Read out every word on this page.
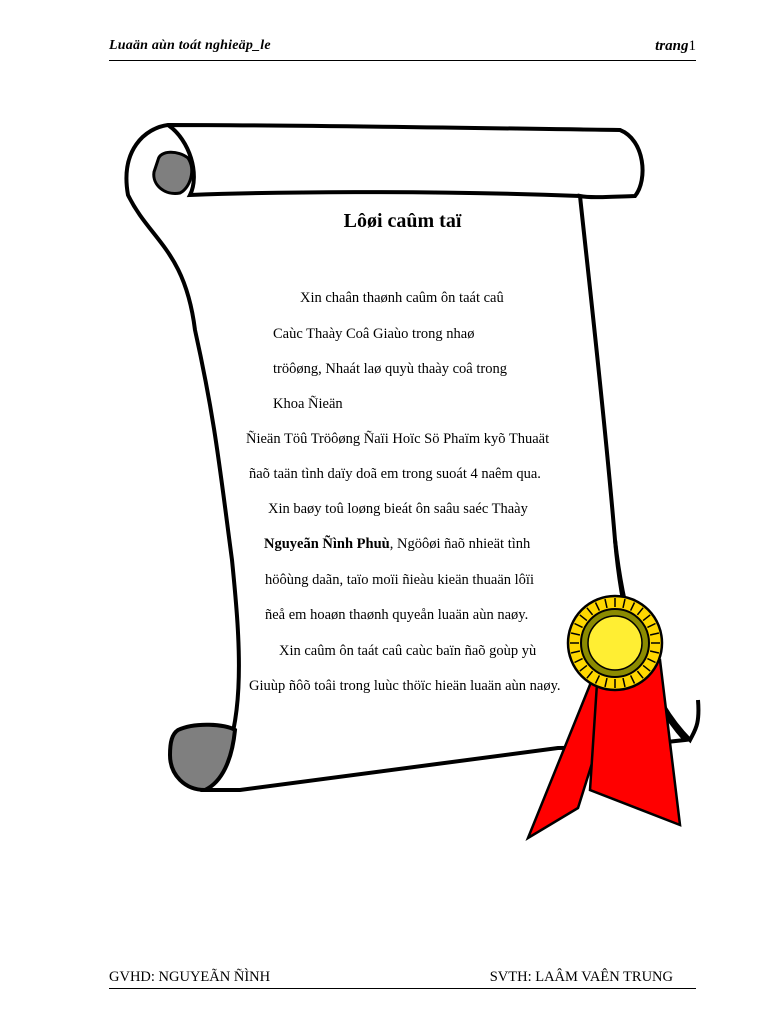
Luaän aùn toát nghieäp_le	trang1
Lôøi caûm taï
Xin chaân thaønh caûm ôn taát caû
Caùc Thaày Coâ Giaùo trong nhaø
tröôøng, Nhaát laø quyù thaày coâ trong
Khoa Ñieän
Ñieän Töû Tröôøng Ñaïi Hoïc Sö Phaïm kyõ Thuaät
ñaõ taän tình daïy doã em trong suoát 4 naêm qua.
Xin baøy toû loøng bieát ôn saâu saéc Thaày
Nguyeãn Ñình Phuù, Ngöôøi ñaõ nhieät tình
höôùng daãn, taïo moïi ñieàu kieän thuaän lôïi
ñeå em hoaøn thaønh quyeån luaän aùn naøy.
Xin caûm ôn taát caû caùc baïn ñaõ goùp yù
Giuùp ñôõ toâi trong luùc thöïc hieän luaän aùn naøy.
GVHD: NGUYEÃN ÑÌNH	SVTH: LAÂM VAÊN TRUNG
